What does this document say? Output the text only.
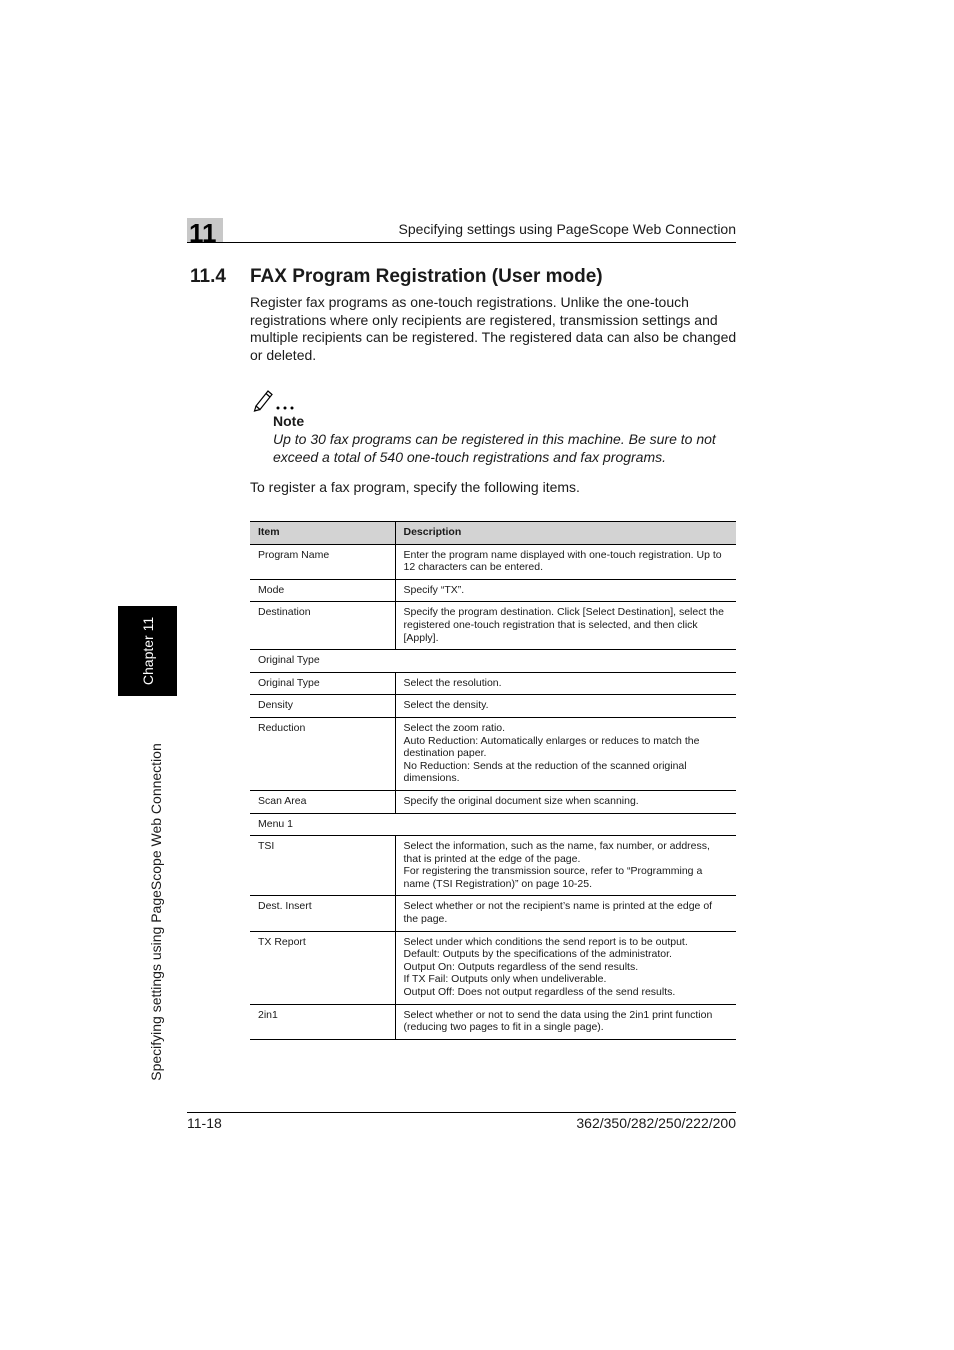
11	Specifying settings using PageScope Web Connection
11.4 FAX Program Registration (User mode)

Register fax programs as one-touch registrations. Unlike the one-touch registrations where only recipients are registered, transmission settings and multiple recipients can be registered. The registered data can also be changed or deleted.

Note

Up to 30 fax programs can be registered in this machine. Be sure to not exceed a total of 540 one-touch registrations and fax programs.

To register a fax program, specify the following items.
Item	Description
Program Name	Enter the program name displayed with one-touch registration. Up to 12 characters can be entered.
Mode	Specify “TX”.
Destination	Specify the program destination. Click [Select Destination], select the registered one-touch registration that is selected, and then click [Apply].
Original Type	
Original Type	Select the resolution.
Density	Select the density.
Reduction	Select the zoom ratio.
Auto Reduction: Automatically enlarges or reduces to match the destination paper.
No Reduction: Sends at the reduction of the scanned original dimensions.
Scan Area	Specify the original document size when scanning.
Menu 1	
TSI	Select the information, such as the name, fax number, or address, that is printed at the edge of the page.
For registering the transmission source, refer to “Programming a name (TSI Registration)” on page 10-25.
Dest. Insert	Select whether or not the recipient’s name is printed at the edge of the page.
TX Report	Select under which conditions the send report is to be output.
Default: Outputs by the specifications of the administrator.
Output On: Outputs regardless of the send results.
If TX Fail: Outputs only when undeliverable.
Output Off: Does not output regardless of the send results.
2in1	Select whether or not to send the data using the 2in1 print function (reducing two pages to fit in a single page).
Chapter 11
Specifying settings using PageScope Web Connection
11-18	362/350/282/250/222/200
